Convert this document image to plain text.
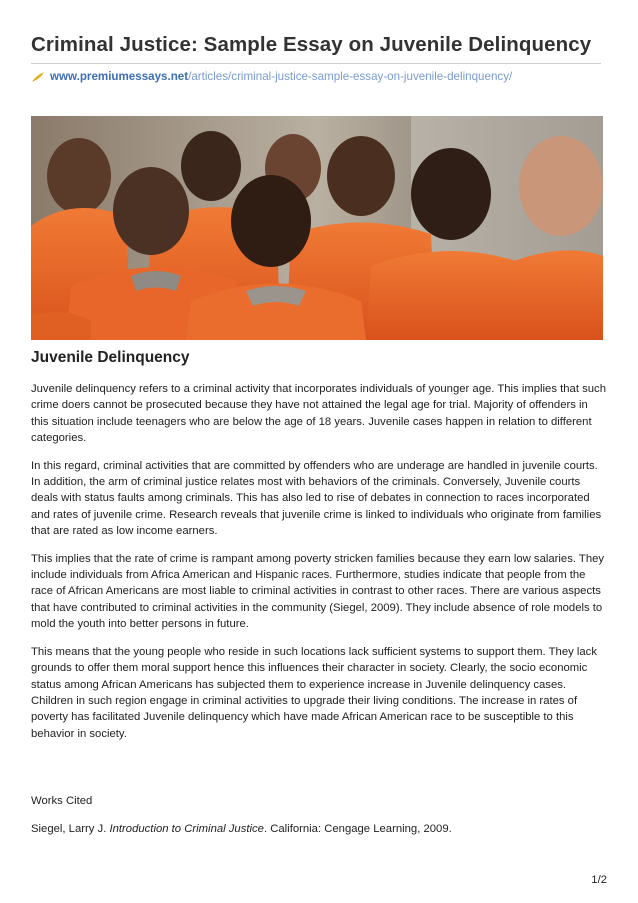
Criminal Justice: Sample Essay on Juvenile Delinquency
www.premiumessays.net /articles/criminal-justice-sample-essay-on-juvenile-delinquency/
Juvenile Delinquency

Juvenile delinquency refers to a criminal activity that incorporates individuals of younger age. This implies that such crime doers cannot be prosecuted because they have not attained the legal age for trial. Majority of offenders in this situation include teenagers who are below the age of 18 years. Juvenile cases happen in relation to different categories.

In this regard, criminal activities that are committed by offenders who are underage are handled in juvenile courts. In addition, the arm of criminal justice relates most with behaviors of the criminals. Conversely, Juvenile courts deals with status faults among criminals. This has also led to rise of debates in connection to races incorporated and rates of juvenile crime. Research reveals that juvenile crime is linked to individuals who originate from families that are rated as low income earners.

This implies that the rate of crime is rampant among poverty stricken families because they earn low salaries. They include individuals from Africa American and Hispanic races. Furthermore, studies indicate that people from the race of African Americans are most liable to criminal activities in contrast to other races. There are various aspects that have contributed to criminal activities in the community (Siegel, 2009). They include absence of role models to mold the youth into better persons in future.

This means that the young people who reside in such locations lack sufficient systems to support them. They lack grounds to offer them moral support hence this influences their character in society. Clearly, the socio economic status among African Americans has subjected them to experience increase in Juvenile delinquency cases. Children in such region engage in criminal activities to upgrade their living conditions. The increase in rates of poverty has facilitated Juvenile delinquency which have made African American race to be susceptible to this behavior in society.

Works Cited
Siegel, Larry J. Introduction to Criminal Justice. California: Cengage Learning, 2009.
1/2
